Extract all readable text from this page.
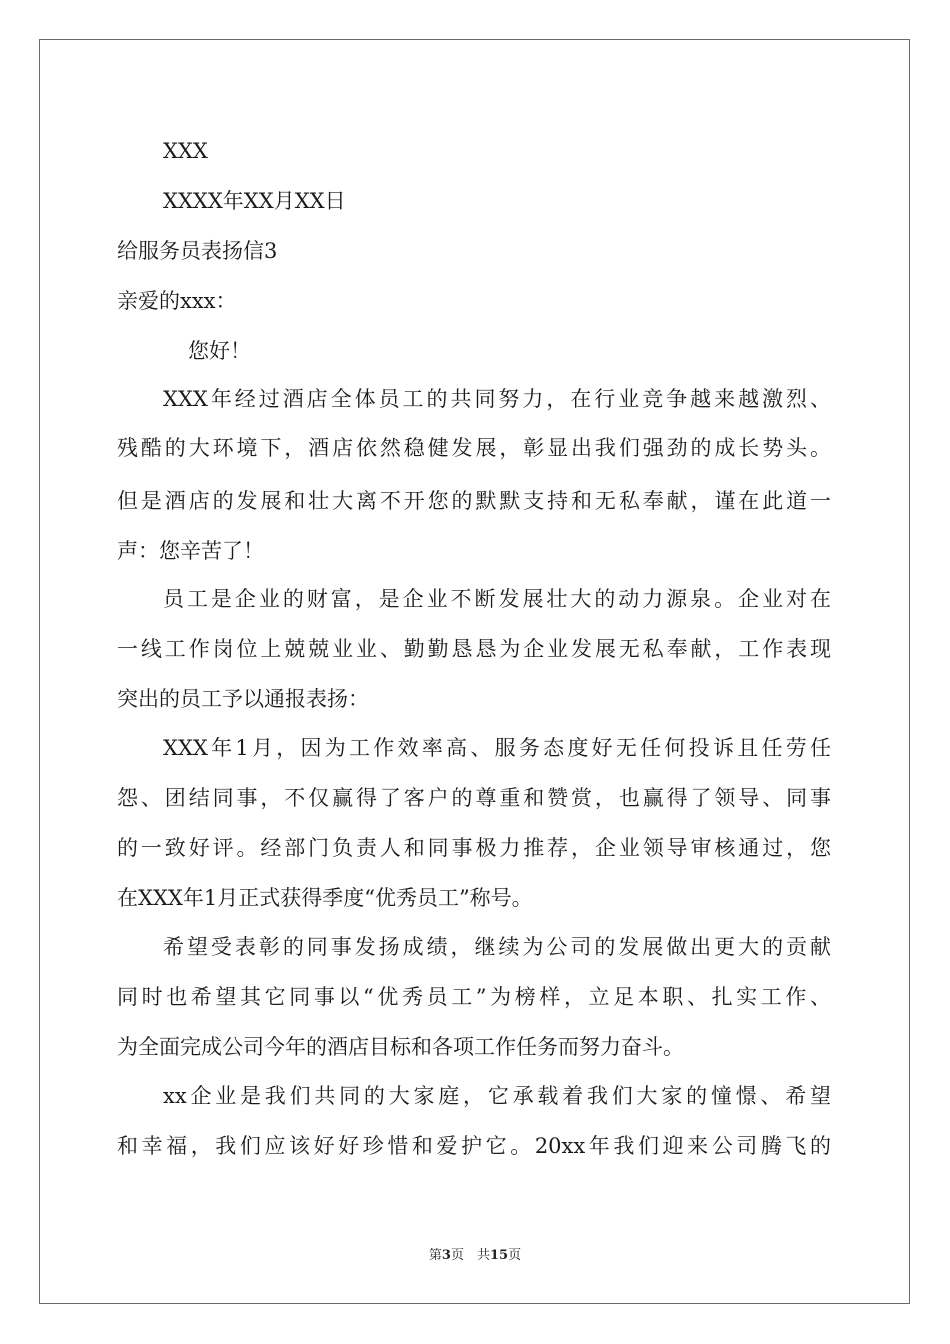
XXX
XXXX年XX月XX日
给服务员表扬信3
亲爱的xxx：
您好！
XXX年经过酒店全体员工的共同努力，在行业竞争越来越激烈、
残酷的大环境下，酒店依然稳健发展，彰显出我们强劲的成长势头。
但是酒店的发展和壮大离不开您的默默支持和无私奉献，谨在此道一
声：您辛苦了！
员工是企业的财富，是企业不断发展壮大的动力源泉。企业对在
一线工作岗位上兢兢业业、勤勤恳恳为企业发展无私奉献，工作表现
突出的员工予以通报表扬：
XXX年1月，因为工作效率高、服务态度好无任何投诉且任劳任
怨、团结同事，不仅赢得了客户的尊重和赞赏，也赢得了领导、同事
的一致好评。经部门负责人和同事极力推荐，企业领导审核通过，您
在XXX年1月正式获得季度“优秀员工”称号。
希望受表彰的同事发扬成绩，继续为公司的发展做出更大的贡献
同时也希望其它同事以“优秀员工”为榜样，立足本职、扎实工作、
为全面完成公司今年的酒店目标和各项工作任务而努力奋斗。
xx企业是我们共同的大家庭，它承载着我们大家的憧憬、希望
和幸福，我们应该好好珍惜和爱护它。20xx年我们迎来公司腾飞的
第3页　共15页
